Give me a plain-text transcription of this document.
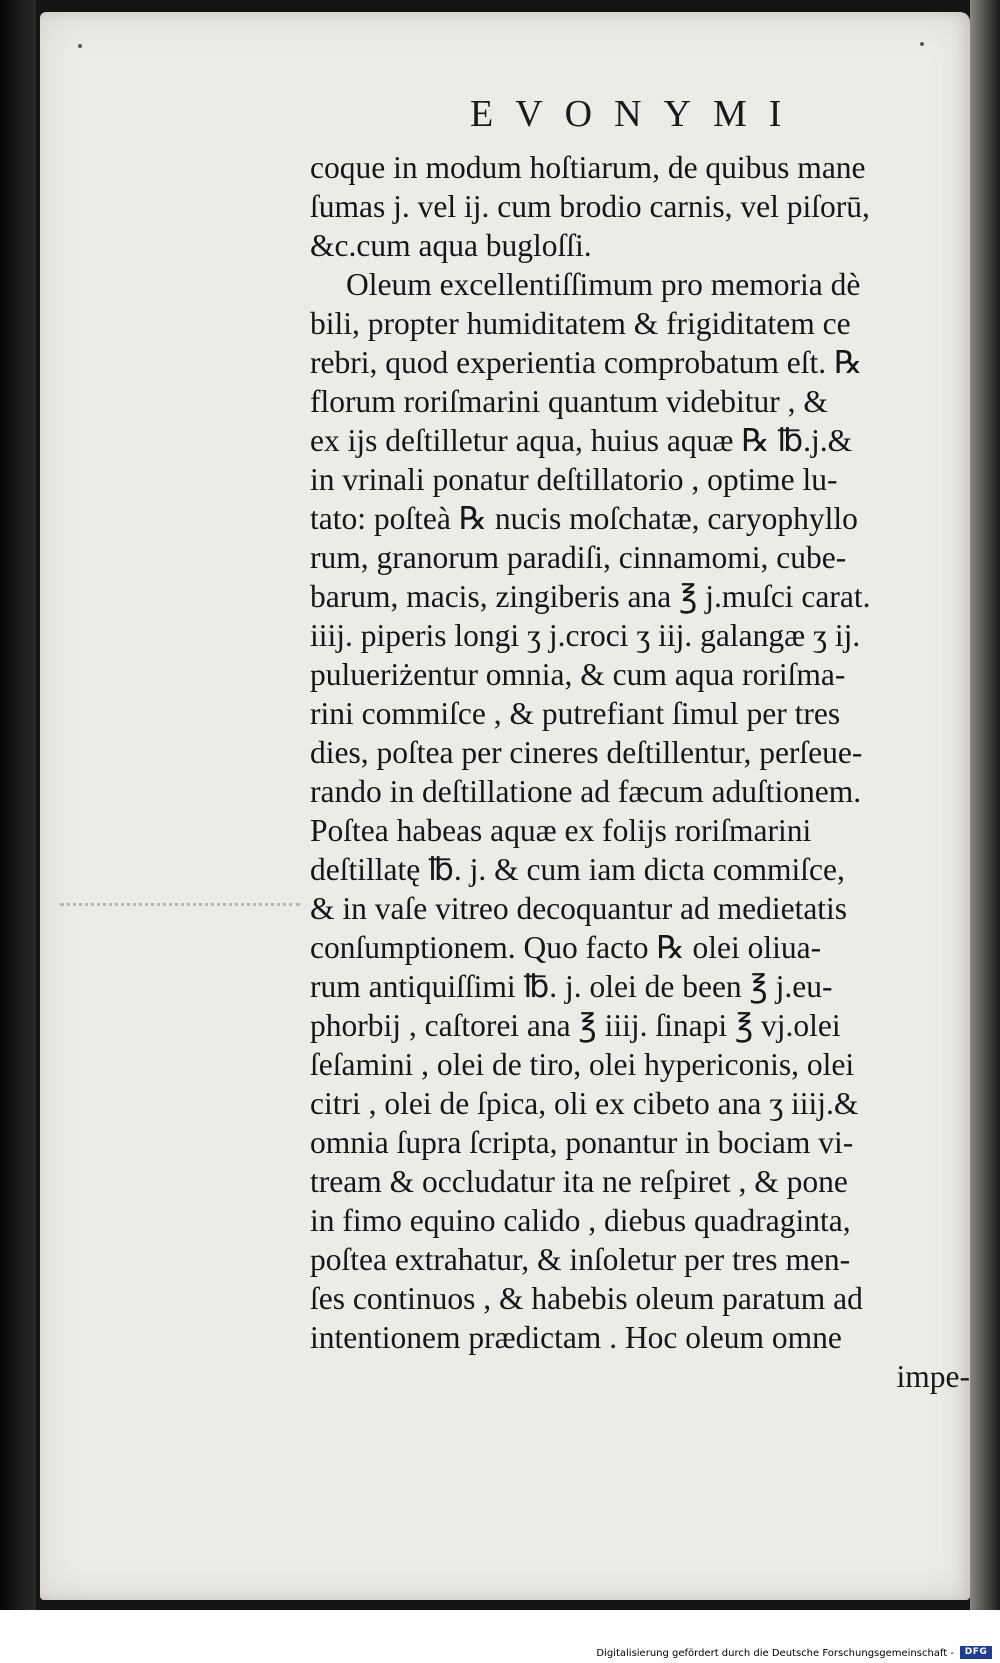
EVONYMI
coque in modum hoſtiarum, de quibus mane
ſumas j. vel ij. cum brodio carnis, vel piſorū,
&c.cum aqua bugloſſi.
Oleum excellentiſſimum pro memoria dè
bili, propter humiditatem & frigiditatem ce
rebri, quod experientia comprobatum eſt. ℞
florum roriſmarini quantum videbitur , &
ex ijs deſtilletur aqua, huius aquæ ℞ ℔.j.&
in vrinali ponatur deſtillatorio , optime lu-
tato: poſteà ℞ nucis moſchatæ, caryophyllo
rum, granorum paradiſi, cinnamomi, cube-
barum, macis, zingiberis ana ℥ j.muſci carat.
iiij. piperis longi ʒ j.croci ʒ iij. galangæ ʒ ij.
pulueriżentur omnia, & cum aqua roriſma-
rini commiſce , & putrefiant ſimul per tres
dies, poſtea per cineres deſtillentur, perſeue-
rando in deſtillatione ad fæcum aduſtionem.
Poſtea habeas aquæ ex folijs roriſmarini
deſtillatę ℔. j. & cum iam dicta commiſce,
& in vaſe vitreo decoquantur ad medietatis
conſumptionem. Quo facto ℞ olei oliua-
rum antiquiſſimi ℔. j. olei de been ℥ j.eu-
phorbij , caſtorei ana ℥ iiij. ſinapi ℥ vj.olei
ſeſamini , olei de tiro, olei hypericonis, olei
citri , olei de ſpica, oli ex cibeto ana ʒ iiij.&
omnia ſupra ſcripta, ponantur in bociam vi-
tream & occludatur ita ne reſpiret , & pone
in fimo equino calido , diebus quadraginta,
poſtea extrahatur, & inſoletur per tres men-
ſes continuos , & habebis oleum paratum ad
intentionem prædictam . Hoc oleum omne
impe-
Digitalisierung gefördert durch die Deutsche Forschungsgemeinschaft -	DFG
